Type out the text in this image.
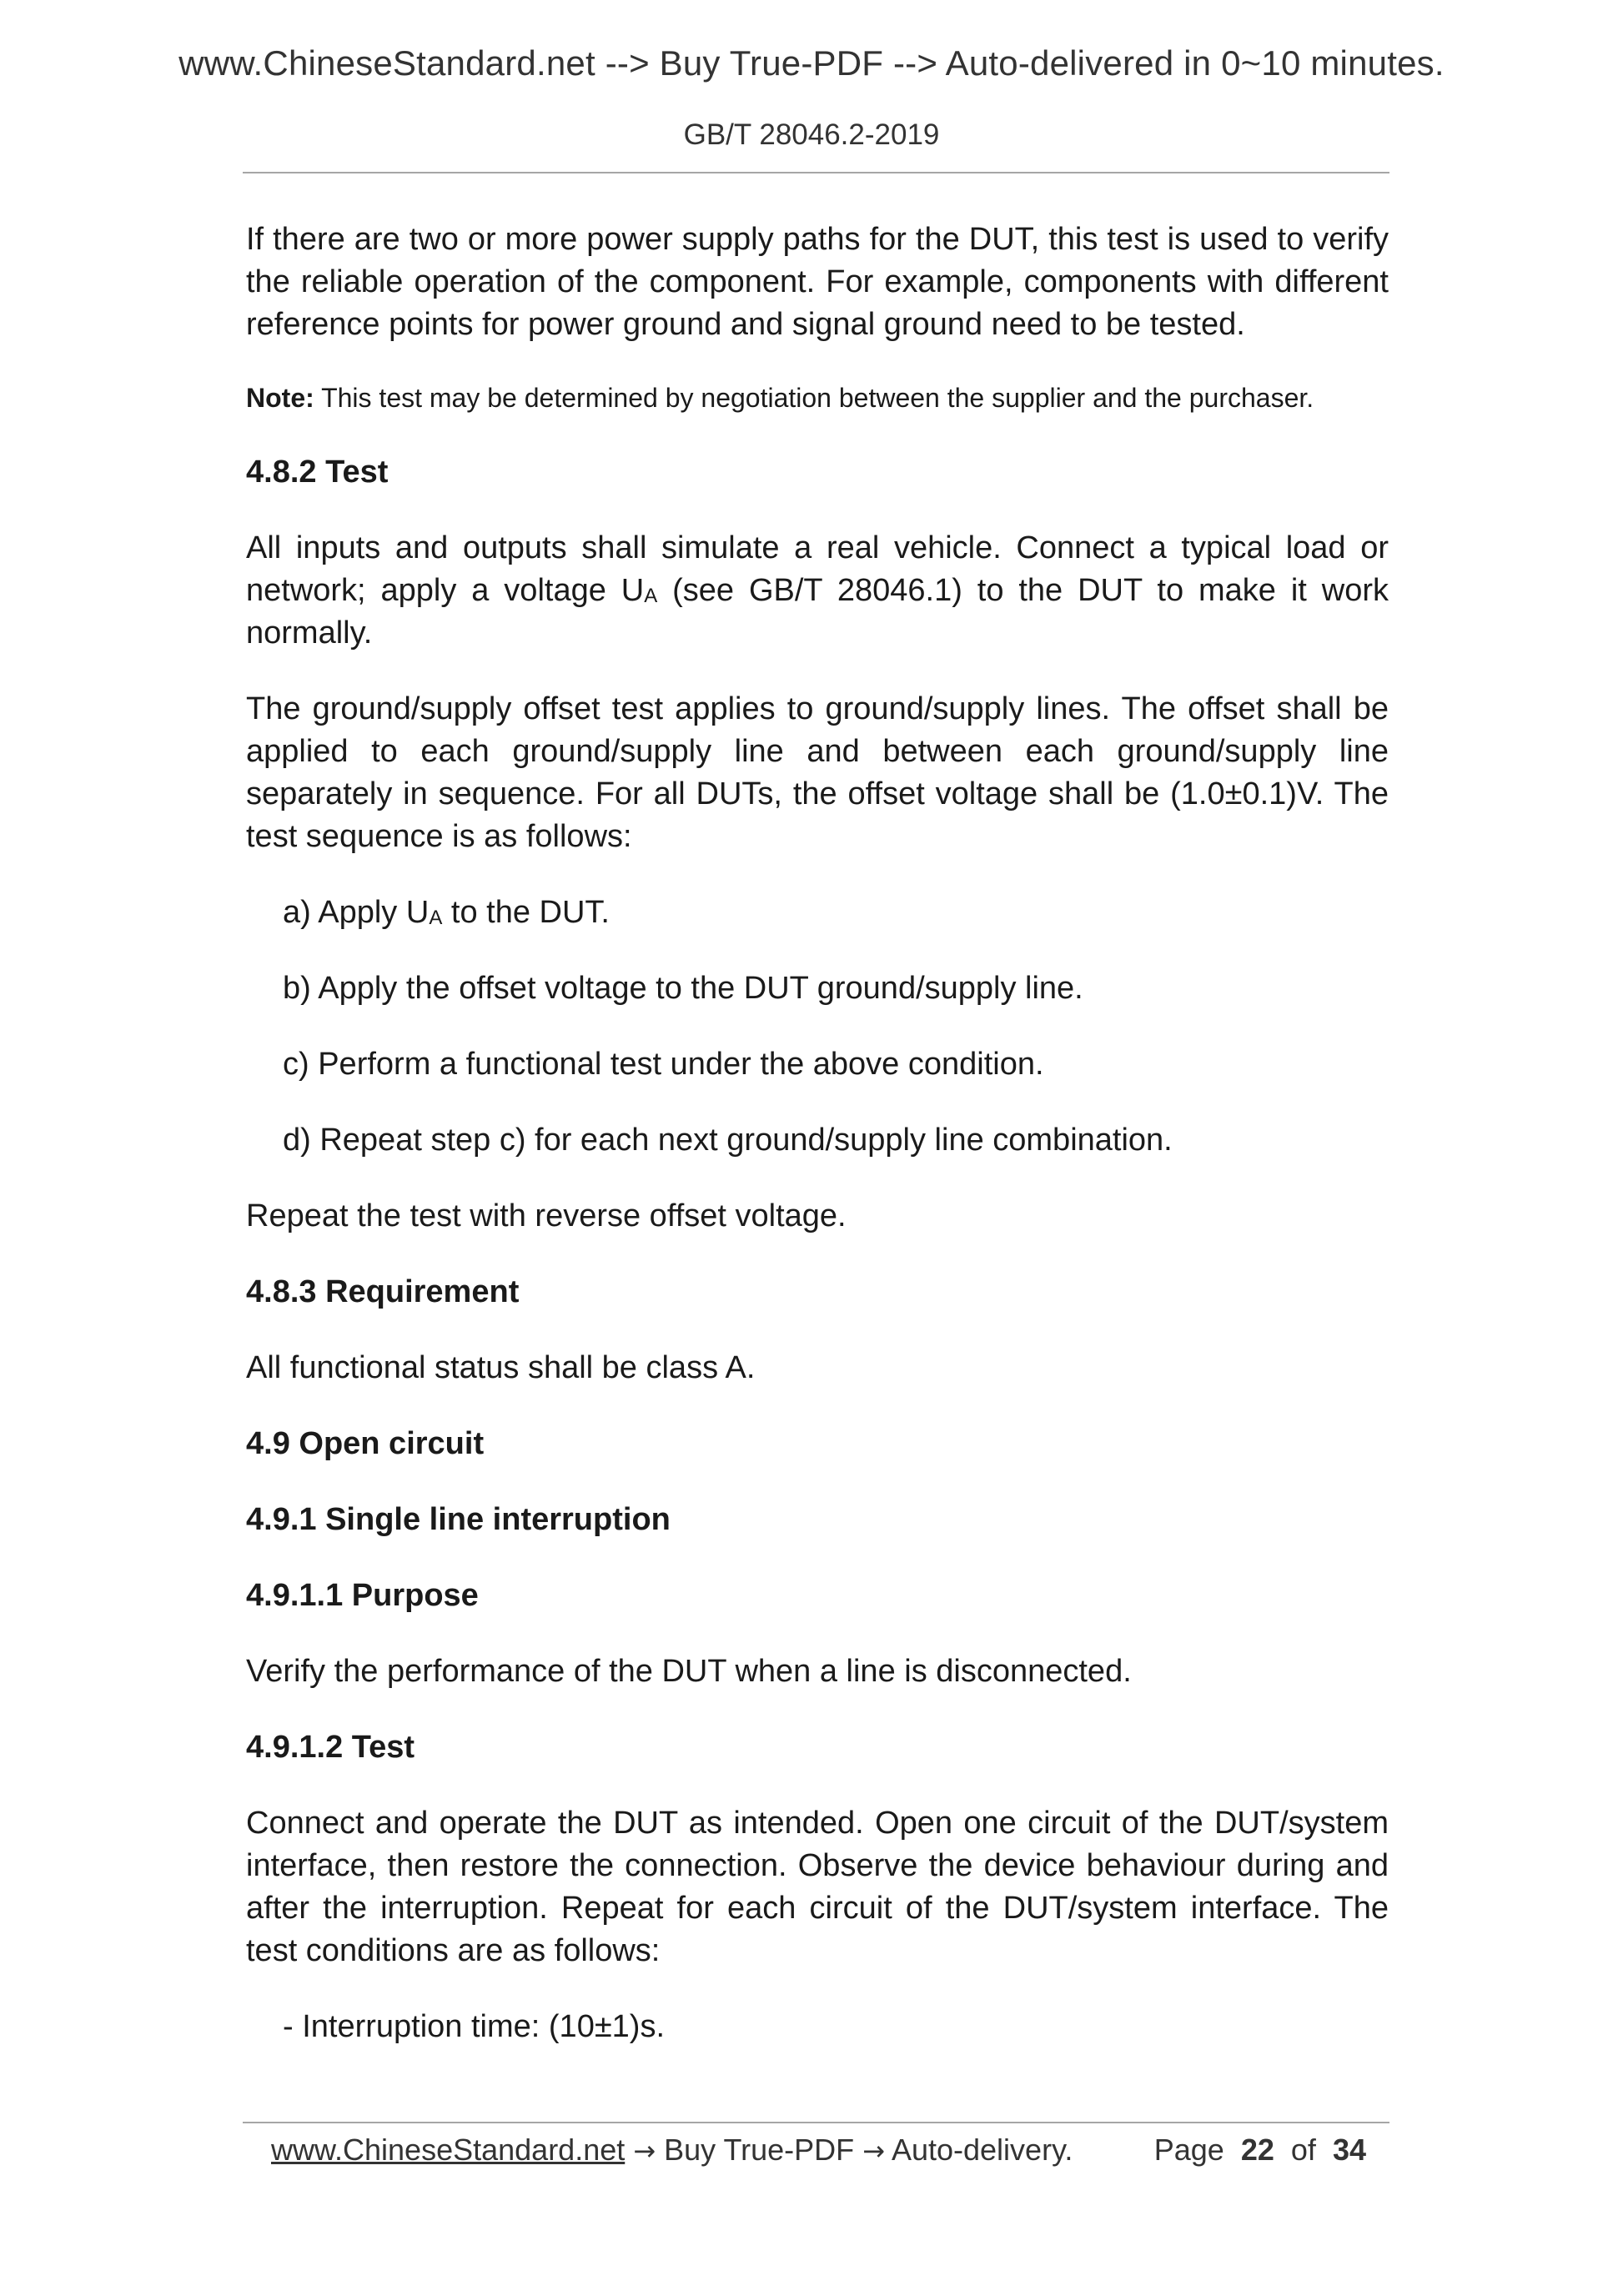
www.ChineseStandard.net --> Buy True-PDF --> Auto-delivered in 0~10 minutes.
GB/T 28046.2-2019

If there are two or more power supply paths for the DUT, this test is used to verify the reliable operation of the component. For example, components with different reference points for power ground and signal ground need to be tested.

Note: This test may be determined by negotiation between the supplier and the purchaser.

4.8.2 Test

All inputs and outputs shall simulate a real vehicle. Connect a typical load or network; apply a voltage $U_A$ (see GB/T 28046.1) to the DUT to make it work normally.

The ground/supply offset test applies to ground/supply lines. The offset shall be applied to each ground/supply line and between each ground/supply line separately in sequence. For all DUTs, the offset voltage shall be (1.0±0.1)V. The test sequence is as follows:

a) Apply $U_A$ to the DUT.

b) Apply the offset voltage to the DUT ground/supply line.

c) Perform a functional test under the above condition.

d) Repeat step c) for each next ground/supply line combination.

Repeat the test with reverse offset voltage.

4.8.3 Requirement

All functional status shall be class A.

4.9 Open circuit

4.9.1 Single line interruption

4.9.1.1 Purpose

Verify the performance of the DUT when a line is disconnected.

4.9.1.2 Test

Connect and operate the DUT as intended. Open one circuit of the DUT/system interface, then restore the connection. Observe the device behaviour during and after the interruption. Repeat for each circuit of the DUT/system interface. The test conditions are as follows:

- Interruption time: (10±1)s.

www.ChineseStandard.net → Buy True-PDF → Auto-delivery.	Page 22 of 34
